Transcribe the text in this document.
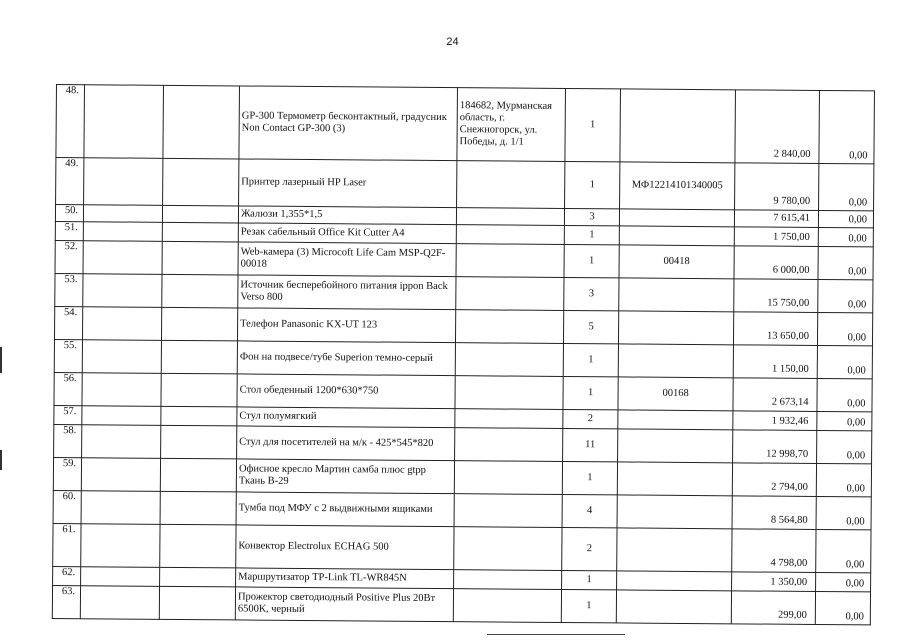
24
48.			GP-300 Термометр бесконтактный, градусник Non Contact GP-300 (3)	184682, Мурманская область, г. Снежногорск, ул. Победы, д. 1/1	1		2 840,00	0,00
49.			Принтер лазерный HP Laser		1	МФ12214101340005	9 780,00	0,00
50.			Жалюзи 1,355*1,5		3		7 615,41	0,00
51.			Резак сабельный Office Kit Cutter A4		1		1 750,00	0,00
52.			Web-камера (3) Microcoft Life Cam MSP-Q2F-00018		1	00418	6 000,00	0,00
53.			Источник бесперебойного питания ippon Back Verso 800		3		15 750,00	0,00
54.			Телефон Panasonic KX-UT 123		5		13 650,00	0,00
55.			Фон на подвесе/тубе Superion темно-серый		1		1 150,00	0,00
56.			Стол обеденный 1200*630*750		1	00168	2 673,14	0,00
57.			Стул полумягкий		2		1 932,46	0,00
58.			Стул для посетителей на м/к - 425*545*820		11		12 998,70	0,00
59.			Офисное кресло Мартин самба плюс gtpp Ткань В-29		1		2 794,00	0,00
60.			Тумба под МФУ с 2 выдвижными ящиками		4		8 564,80	0,00
61.			Конвектор Electrolux ECHAG 500		2		4 798,00	0,00
62.			Маршрутизатор TP-Link TL-WR845N		1		1 350,00	0,00
63.			Прожектор светодиодный Positive Plus 20Вт 6500К, черный		1		299,00	0,00
